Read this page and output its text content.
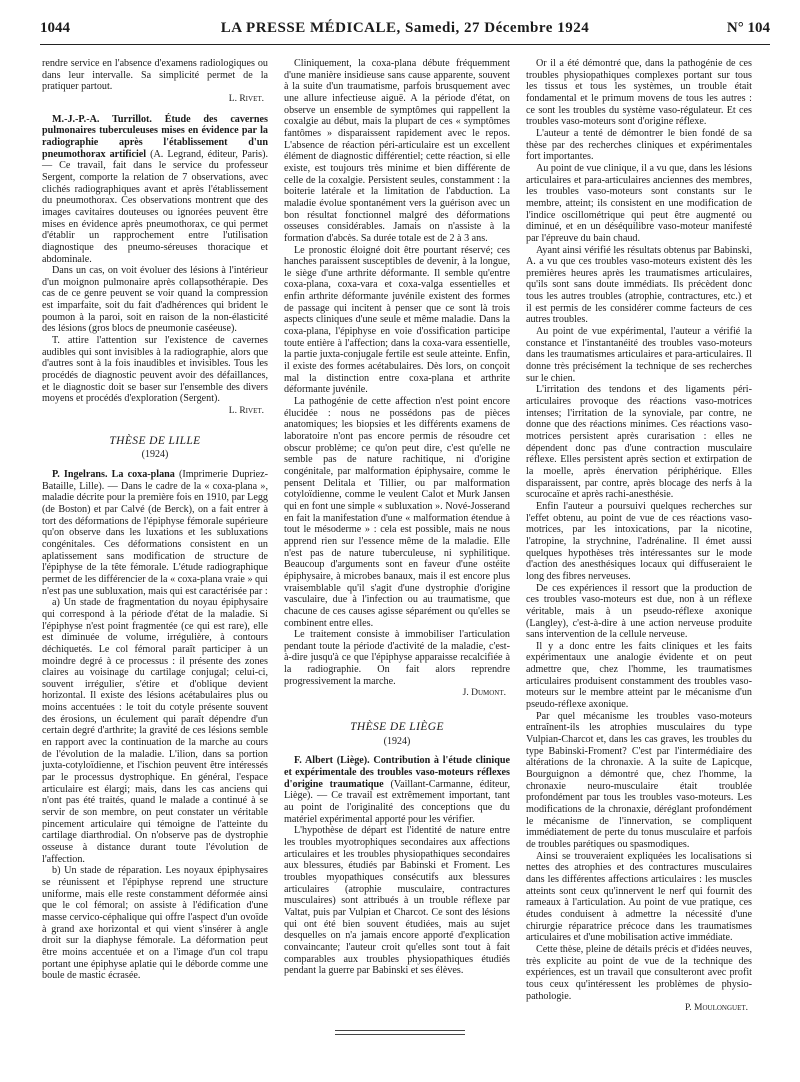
1044	LA PRESSE MÉDICALE, Samedi, 27 Décembre 1924	N° 104

rendre service en l'absence d'examens radiologiques ou dans leur intervalle. Sa simplicité permet de la pratiquer partout.

L. Rivet.

M.-J.-P.-A. Turrillot. Étude des cavernes pulmonaires tuberculeuses mises en évidence par la radiographie après l'établissement d'un pneumothorax artificiel (A. Legrand, éditeur, Paris). — Ce travail, fait dans le service du professeur Sergent, comporte la relation de 7 observations, avec clichés radiographiques avant et après l'établissement du pneumothorax. Ces observations montrent que des images cavitaires douteuses ou ignorées peuvent être mises en évidence après pneumothorax, ce qui permet d'établir un rapprochement entre l'utilisation diagnostique des pneumo-séreuses thoracique et abdominale.

Dans un cas, on voit évoluer des lésions à l'intérieur d'un moignon pulmonaire après collapsothérapie. Des cas de ce genre peuvent se voir quand la compression est imparfaite, soit du fait d'adhérences qui brident le poumon à la paroi, soit en raison de la non-élasticité des lésions (gros blocs de pneumonie caséeuse).

T. attire l'attention sur l'existence de cavernes audibles qui sont invisibles à la radiographie, alors que d'autres sont à la fois inaudibles et invisibles. Tous les procédés de diagnostic peuvent avoir des défaillances, et le diagnostic doit se baser sur l'ensemble des divers moyens et procédés d'exploration (Sergent).

L. Rivet.
THÈSE DE LILLE
(1924)

P. Ingelrans. La coxa-plana (Imprimerie Dupriez-Bataille, Lille). — Dans le cadre de la « coxa-plana », maladie décrite pour la première fois en 1910, par Legg (de Boston) et par Calvé (de Berck), on a fait entrer à tort des déformations de l'épiphyse fémorale supérieure qu'on observe dans les luxations et les subluxations congénitales. Ces déformations consistent en un aplatissement sans modification de structure de l'épiphyse de la tête fémorale. L'étude radiographique permet de les différencier de la « coxa-plana vraie » qui n'est pas une subluxation, mais qui est caractérisée par :

a) Un stade de fragmentation du noyau épiphysaire qui correspond à la période d'état de la maladie. Si l'épiphyse n'est point fragmentée (ce qui est rare), elle est diminuée de volume, irrégulière, à contours déchiquetés. Le col fémoral paraît participer à un moindre degré à ce processus : il présente des zones claires au voisinage du cartilage conjugal; celui-ci, souvent irrégulier, s'étire et d'oblique devient horizontal. Il existe des lésions acétabulaires plus ou moins accentuées : le toit du cotyle présente souvent des érosions, un éculement qui paraît dépendre d'un certain degré d'arthrite; la gravité de ces lésions semble en rapport avec la continuation de la marche au cours de l'évolution de la maladie. L'ilion, dans sa portion juxta-cotyloïdienne, et l'ischion peuvent être intéressés par le processus dystrophique. En général, l'espace articulaire est élargi; mais, dans les cas anciens qui n'ont pas été traités, quand le malade a continué à se servir de son membre, on peut constater un véritable pincement articulaire qui témoigne de l'atteinte du cartilage diarthrodial. On n'observe pas de dystrophie osseuse à distance durant toute l'évolution de l'affection.

b) Un stade de réparation. Les noyaux épiphysaires se réunissent et l'épiphyse reprend une structure uniforme, mais elle reste constamment déformée ainsi que le col fémoral; on assiste à l'édification d'une masse cervico-céphalique qui offre l'aspect d'un ovoïde à grand axe horizontal et qui vient s'insérer à angle droit sur la diaphyse fémorale. La déformation peut être moins accentuée et on a l'image d'un col trapu portant une épiphyse aplatie qui le déborde comme une boule de mastic écrasée.

Cliniquement, la coxa-plana débute fréquemment d'une manière insidieuse sans cause apparente, souvent à la suite d'un traumatisme, parfois brusquement avec une allure infectieuse aiguë. A la période d'état, on observe un ensemble de symptômes qui rappellent la coxalgie au début, mais la plupart de ces « symptômes fantômes » disparaissent rapidement avec le repos. L'absence de réaction péri-articulaire est un excellent élément de diagnostic différentiel; cette réaction, si elle existe, est toujours très minime et bien différente de celle de la coxalgie. Persistent seules, constamment : la boiterie latérale et la limitation de l'abduction. La maladie évolue spontanément vers la guérison avec un bon résultat fonctionnel malgré des déformations osseuses considérables. Jamais on n'assiste à la formation d'abcès. Sa durée totale est de 2 à 3 ans.

Le pronostic éloigné doit être pourtant réservé; ces hanches paraissent susceptibles de devenir, à la longue, le siège d'une arthrite déformante. Il semble qu'entre coxa-plana, coxa-vara et coxa-valga essentielles et enfin arthrite déformante juvénile existent des formes de passage qui incitent à penser que ce sont là trois aspects cliniques d'une seule et même maladie. Dans la coxa-plana, l'épiphyse en voie d'ossification participe toute entière à l'affection; dans la coxa-vara essentielle, la partie juxta-conjugale fertile est seule atteinte. Enfin, il existe des formes acétabulaires. Dès lors, on conçoit mal la distinction entre coxa-plana et arthrite déformante juvénile.

La pathogénie de cette affection n'est point encore élucidée : nous ne possédons pas de pièces anatomiques; les biopsies et les différents examens de laboratoire n'ont pas encore permis de résoudre cet obscur problème; ce qu'on peut dire, c'est qu'elle ne semble pas de nature rachitique, ni d'origine congénitale, par malformation épiphysaire, comme le pensent Delitala et Tillier, ou par malformation cotyloïdienne, comme le veulent Calot et Murk Jansen qui en font une simple « subluxation ». Nové-Josserand en fait la manifestation d'une « malformation étendue à tout le mésoderme » : cela est possible, mais ne nous apprend rien sur l'essence même de la maladie. Elle n'est pas de nature tuberculeuse, ni syphilitique. Beaucoup d'arguments sont en faveur d'une ostéite épiphysaire, à microbes banaux, mais il est encore plus vraisemblable qu'il s'agit d'une dystrophie d'origine vasculaire, due à l'infection ou au traumatisme, que chacune de ces causes agisse séparément ou qu'elles se combinent entre elles.

Le traitement consiste à immobiliser l'articulation pendant toute la période d'activité de la maladie, c'est-à-dire jusqu'à ce que l'épiphyse apparaisse recalcifiée à la radiographie. On fait alors reprendre progressivement la marche.

J. Dumont.
THÈSE DE LIÈGE
(1924)

F. Albert (Liège). Contribution à l'étude clinique et expérimentale des troubles vaso-moteurs réflexes d'origine traumatique (Vaillant-Carmanne, éditeur, Liège). — Ce travail est extrêmement important, tant au point de l'originalité des conceptions que du matériel expérimental apporté pour les vérifier.

L'hypothèse de départ est l'identité de nature entre les troubles myotrophiques secondaires aux affections articulaires et les troubles physiopathiques secondaires aux blessures, étudiés par Babinski et Froment. Les troubles myopathiques consécutifs aux blessures articulaires (atrophie musculaire, contractures musculaires) sont attribués à un trouble réflexe par Valtat, puis par Vulpian et Charcot. Ce sont des lésions qui ont été bien souvent étudiées, mais au sujet desquelles on n'a jamais encore apporté d'explication convaincante; l'auteur croit qu'elles sont tout à fait comparables aux troubles physiopathiques étudiés pendant la guerre par Babinski et ses élèves.

Or il a été démontré que, dans la pathogénie de ces troubles physiopathiques complexes portant sur tous les tissus et tous les systèmes, un trouble était fondamental et le primum movens de tous les autres : ce sont les troubles du système vaso-régulateur. Et ces troubles vaso-moteurs sont d'origine réflexe.

L'auteur a tenté de démontrer le bien fondé de sa thèse par des recherches cliniques et expérimentales fort importantes.

Au point de vue clinique, il a vu que, dans les lésions articulaires et para-articulaires anciennes des membres, les troubles vaso-moteurs sont constants sur le membre, atteint; ils consistent en une modification de l'indice oscillométrique qui peut être augmenté ou diminué, et en un déséquilibre vaso-moteur manifesté par l'épreuve du bain chaud.

Ayant ainsi vérifié les résultats obtenus par Babinski, A. a vu que ces troubles vaso-moteurs existent dès les premières heures après les traumatismes articulaires, qu'ils sont sans doute immédiats. Ils précèdent donc tous les autres troubles (atrophie, contractures, etc.) et il est permis de les considérer comme facteurs de ces autres troubles.

Au point de vue expérimental, l'auteur a vérifié la constance et l'instantanéité des troubles vaso-moteurs dans les traumatismes articulaires et para-articulaires. Il donne très précisément la technique de ses recherches sur le chien.

L'irritation des tendons et des ligaments péri-articulaires provoque des réactions vaso-motrices intenses; l'irritation de la synoviale, par contre, ne donne que des réactions minimes. Ces réactions vaso-motrices persistent après curarisation : elles ne dépendent donc pas d'une contraction musculaire réflexe. Elles persistent après section et extirpation de la moelle, après énervation périphérique. Elles disparaissent, par contre, après blocage des nerfs à la scurocaïne et après rachi-anesthésie.

Enfin l'auteur a poursuivi quelques recherches sur l'effet obtenu, au point de vue de ces réactions vaso-motrices, par les intoxications, par la nicotine, l'atropine, la strychnine, l'adrénaline. Il émet aussi quelques hypothèses très intéressantes sur le mode d'action des anesthésiques locaux qui diffuseraient le long des fibres nerveuses.

De ces expériences il ressort que la production de ces troubles vaso-moteurs est due, non à un réflexe véritable, mais à un pseudo-réflexe axonique (Langley), c'est-à-dire à une action nerveuse produite sans intervention de la cellule nerveuse.

Il y a donc entre les faits cliniques et les faits expérimentaux une analogie évidente et on peut admettre que, chez l'homme, les traumatismes articulaires produisent constamment des troubles vaso-moteurs sur le membre atteint par le mécanisme d'un pseudo-réflexe axonique.

Par quel mécanisme les troubles vaso-moteurs entraînent-ils les atrophies musculaires du type Vulpian-Charcot et, dans les cas graves, les troubles du type Babinski-Froment? C'est par l'intermédiaire des altérations de la chronaxie. A la suite de Lapicque, Bourguignon a démontré que, chez l'homme, la chronaxie neuro-musculaire était troublée profondément par tous les troubles vaso-moteurs. Les modifications de la chronaxie, déréglant profondément le mécanisme de l'innervation, se compliquent immédiatement de perte du tonus musculaire et parfois de troubles parétiques ou spasmodiques.

Ainsi se trouveraient expliquées les localisations si nettes des atrophies et des contractures musculaires dans les différentes affections articulaires : les muscles atteints sont ceux qu'innervent le nerf qui fournit des rameaux à l'articulation. Au point de vue pratique, ces études conduisent à admettre la nécessité d'une chirurgie réparatrice précoce dans les traumatismes articulaires et d'une mobilisation active immédiate.

Cette thèse, pleine de détails précis et d'idées neuves, très explicite au point de vue de la technique des expériences, est un travail que consulteront avec profit tous ceux qu'intéressent les problèmes de physio-pathologie.

P. Moulonguet.
